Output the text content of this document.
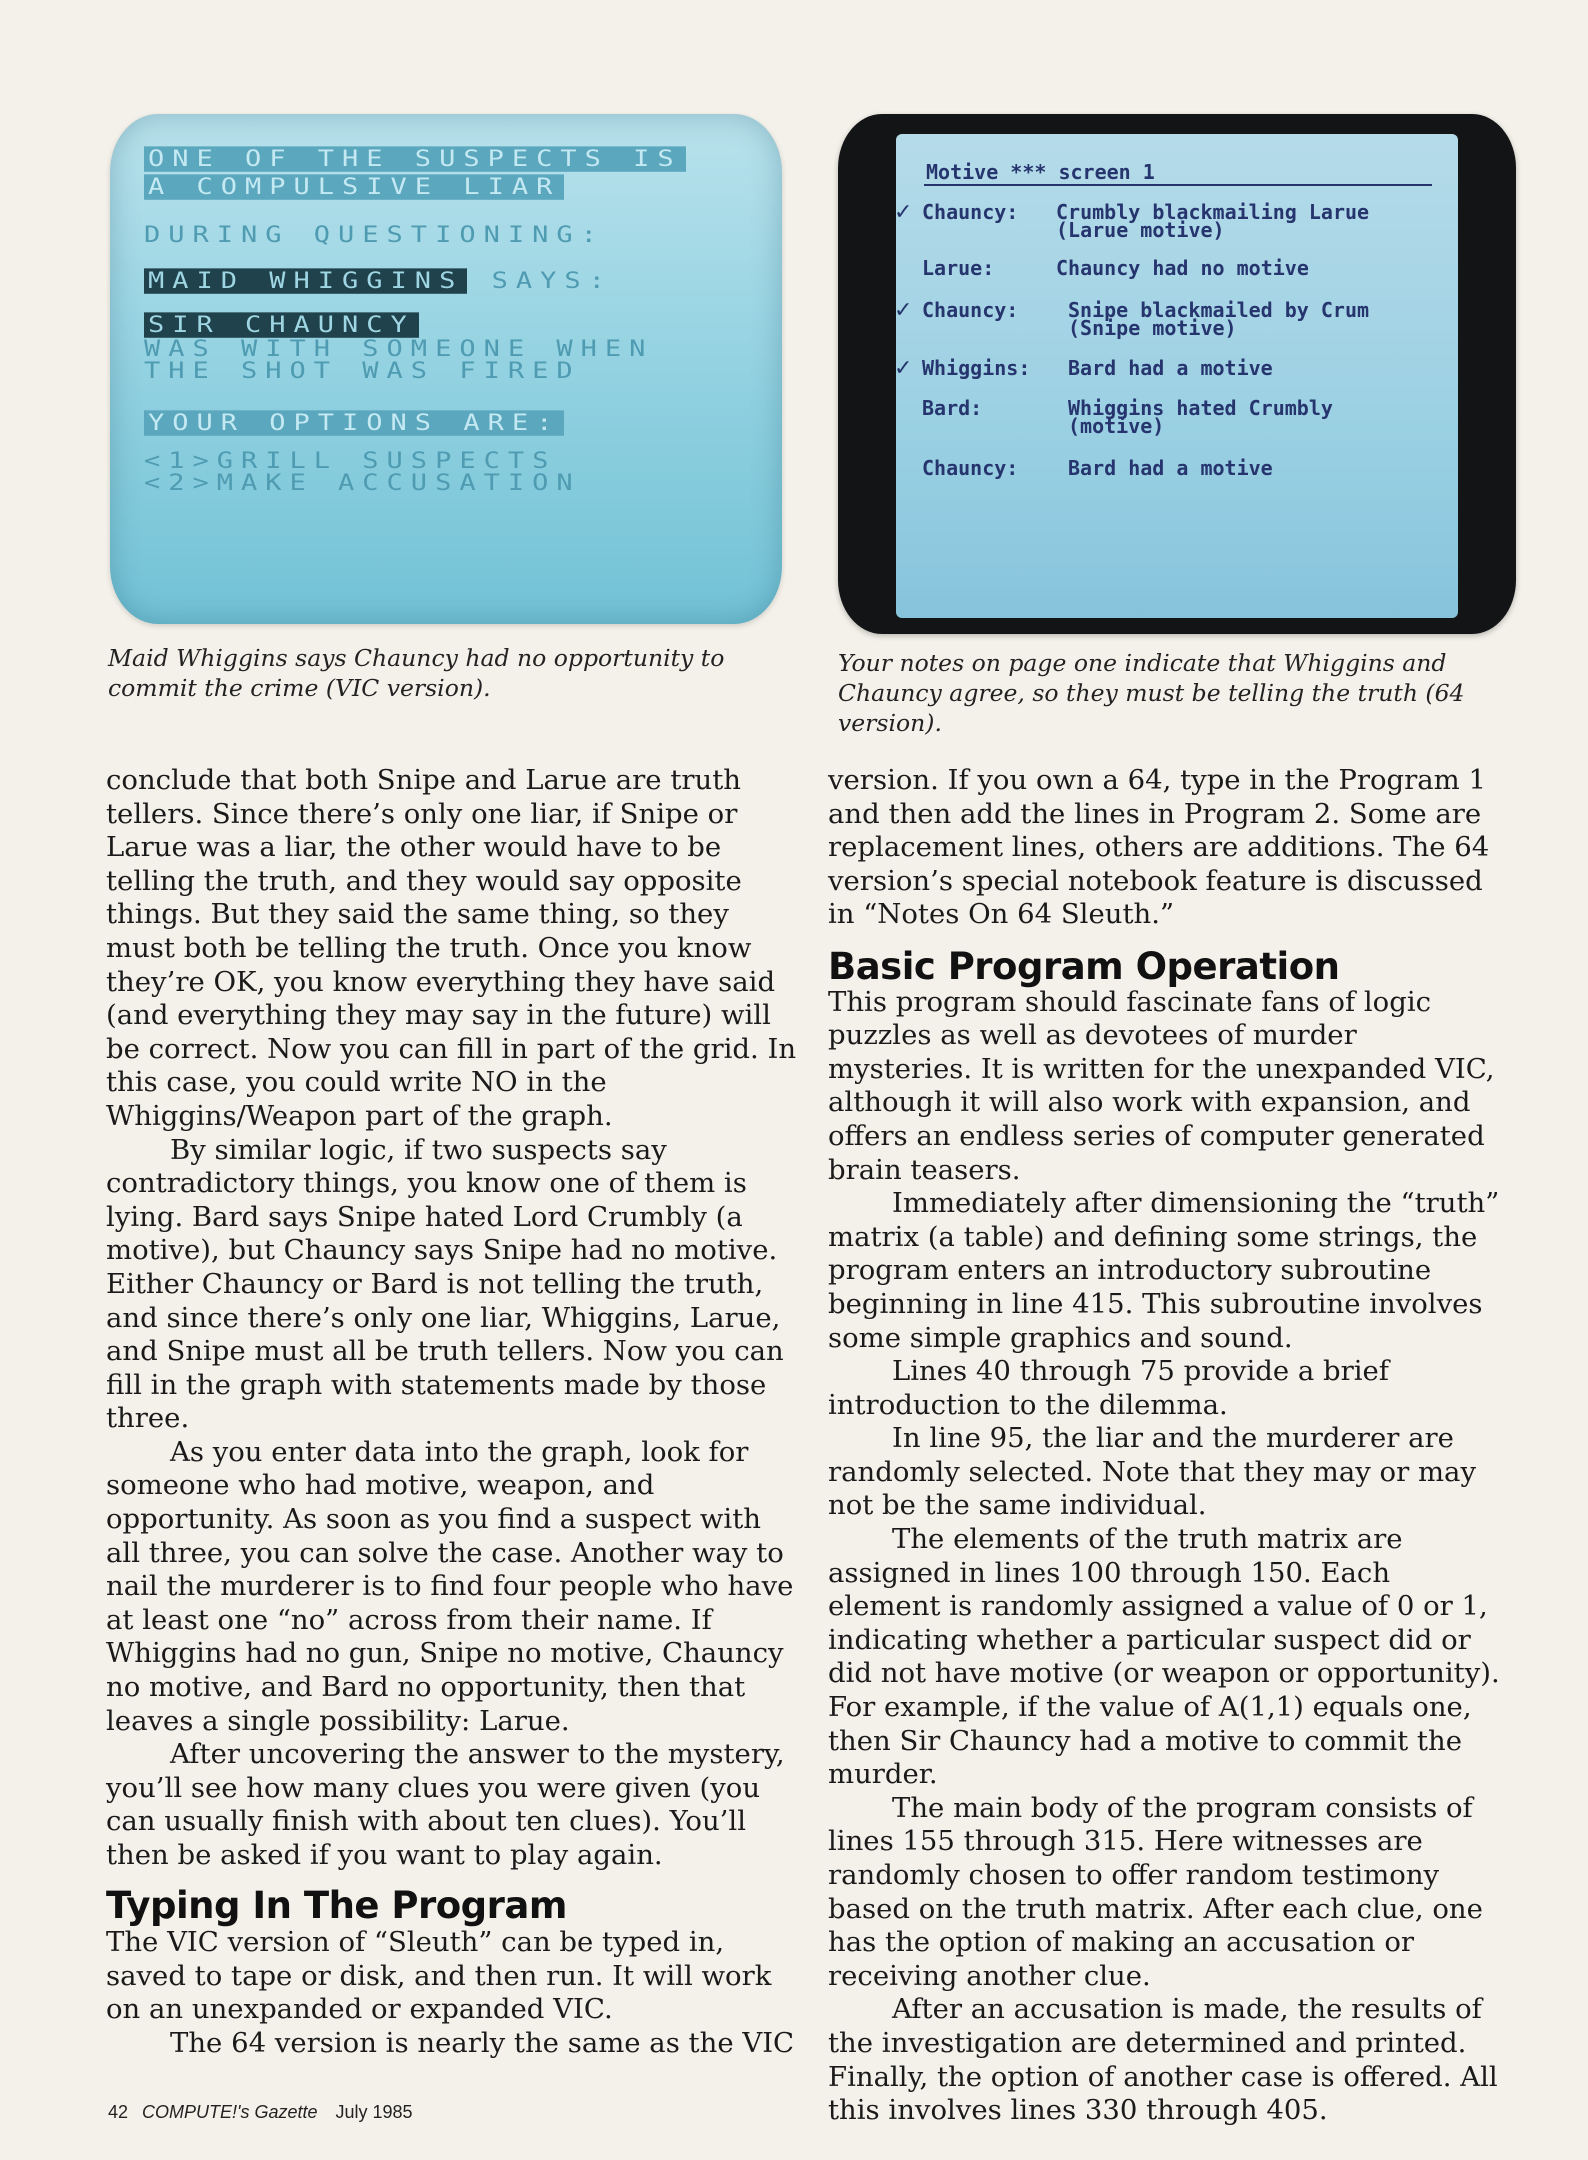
ONE OF THE SUSPECTS IS
A COMPULSIVE LIAR
DURING QUESTIONING:
MAID WHIGGINS SAYS:
SIR CHAUNCY
WAS WITH SOMEONE WHEN
THE SHOT WAS FIRED
YOUR OPTIONS ARE:
<1>GRILL SUSPECTS
<2>MAKE ACCUSATION
Motive *** screen 1
✓ Chauncy: Crumbly blackmailing Larue
(Larue motive)
Larue:	Chauncy had no motive
✓ Chauncy: Snipe blackmailed by Crum
(Snipe motive)
✓ Whiggins: Bard had a motive
Bard:	Whiggins hated Crumbly
(motive)
Chauncy: Bard had a motive
Maid Whiggins says Chauncy had no opportunity to commit the crime (VIC version).
Your notes on page one indicate that Whiggins and Chauncy agree, so they must be telling the truth (64 version).

conclude that both Snipe and Larue are truth tellers. Since there’s only one liar, if Snipe or Larue was a liar, the other would have to be telling the truth, and they would say opposite things. But they said the same thing, so they must both be telling the truth. Once you know they’re OK, you know everything they have said (and everything they may say in the future) will be correct. Now you can fill in part of the grid. In this case, you could write NO in the Whiggins/Weapon part of the graph.

By similar logic, if two suspects say contradictory things, you know one of them is lying. Bard says Snipe hated Lord Crumbly (a motive), but Chauncy says Snipe had no motive. Either Chauncy or Bard is not telling the truth, and since there’s only one liar, Whiggins, Larue, and Snipe must all be truth tellers. Now you can fill in the graph with statements made by those three.

As you enter data into the graph, look for someone who had motive, weapon, and opportunity. As soon as you find a suspect with all three, you can solve the case. Another way to nail the murderer is to find four people who have at least one “no” across from their name. If Whiggins had no gun, Snipe no motive, Chauncy no motive, and Bard no opportunity, then that leaves a single possibility: Larue.

After uncovering the answer to the mystery, you’ll see how many clues you were given (you can usually finish with about ten clues). You’ll then be asked if you want to play again.

Typing In The Program

The VIC version of “Sleuth” can be typed in, saved to tape or disk, and then run. It will work on an unexpanded or expanded VIC.

The 64 version is nearly the same as the VIC

version. If you own a 64, type in the Program 1 and then add the lines in Program 2. Some are replacement lines, others are additions. The 64 version’s special notebook feature is discussed in “Notes On 64 Sleuth.”

Basic Program Operation

This program should fascinate fans of logic puzzles as well as devotees of murder mysteries. It is written for the unexpanded VIC, although it will also work with expansion, and offers an endless series of computer generated brain teasers.

Immediately after dimensioning the “truth” matrix (a table) and defining some strings, the program enters an introductory subroutine beginning in line 415. This subroutine involves some simple graphics and sound.

Lines 40 through 75 provide a brief introduction to the dilemma.

In line 95, the liar and the murderer are randomly selected. Note that they may or may not be the same individual.

The elements of the truth matrix are assigned in lines 100 through 150. Each element is randomly assigned a value of 0 or 1, indicating whether a particular suspect did or did not have motive (or weapon or opportunity). For example, if the value of A(1,1) equals one, then Sir Chauncy had a motive to commit the murder.

The main body of the program consists of lines 155 through 315. Here witnesses are randomly chosen to offer random testimony based on the truth matrix. After each clue, one has the option of making an accusation or receiving another clue.

After an accusation is made, the results of the investigation are determined and printed. Finally, the option of another case is offered. All this involves lines 330 through 405.

42 COMPUTE!'s Gazette July 1985
